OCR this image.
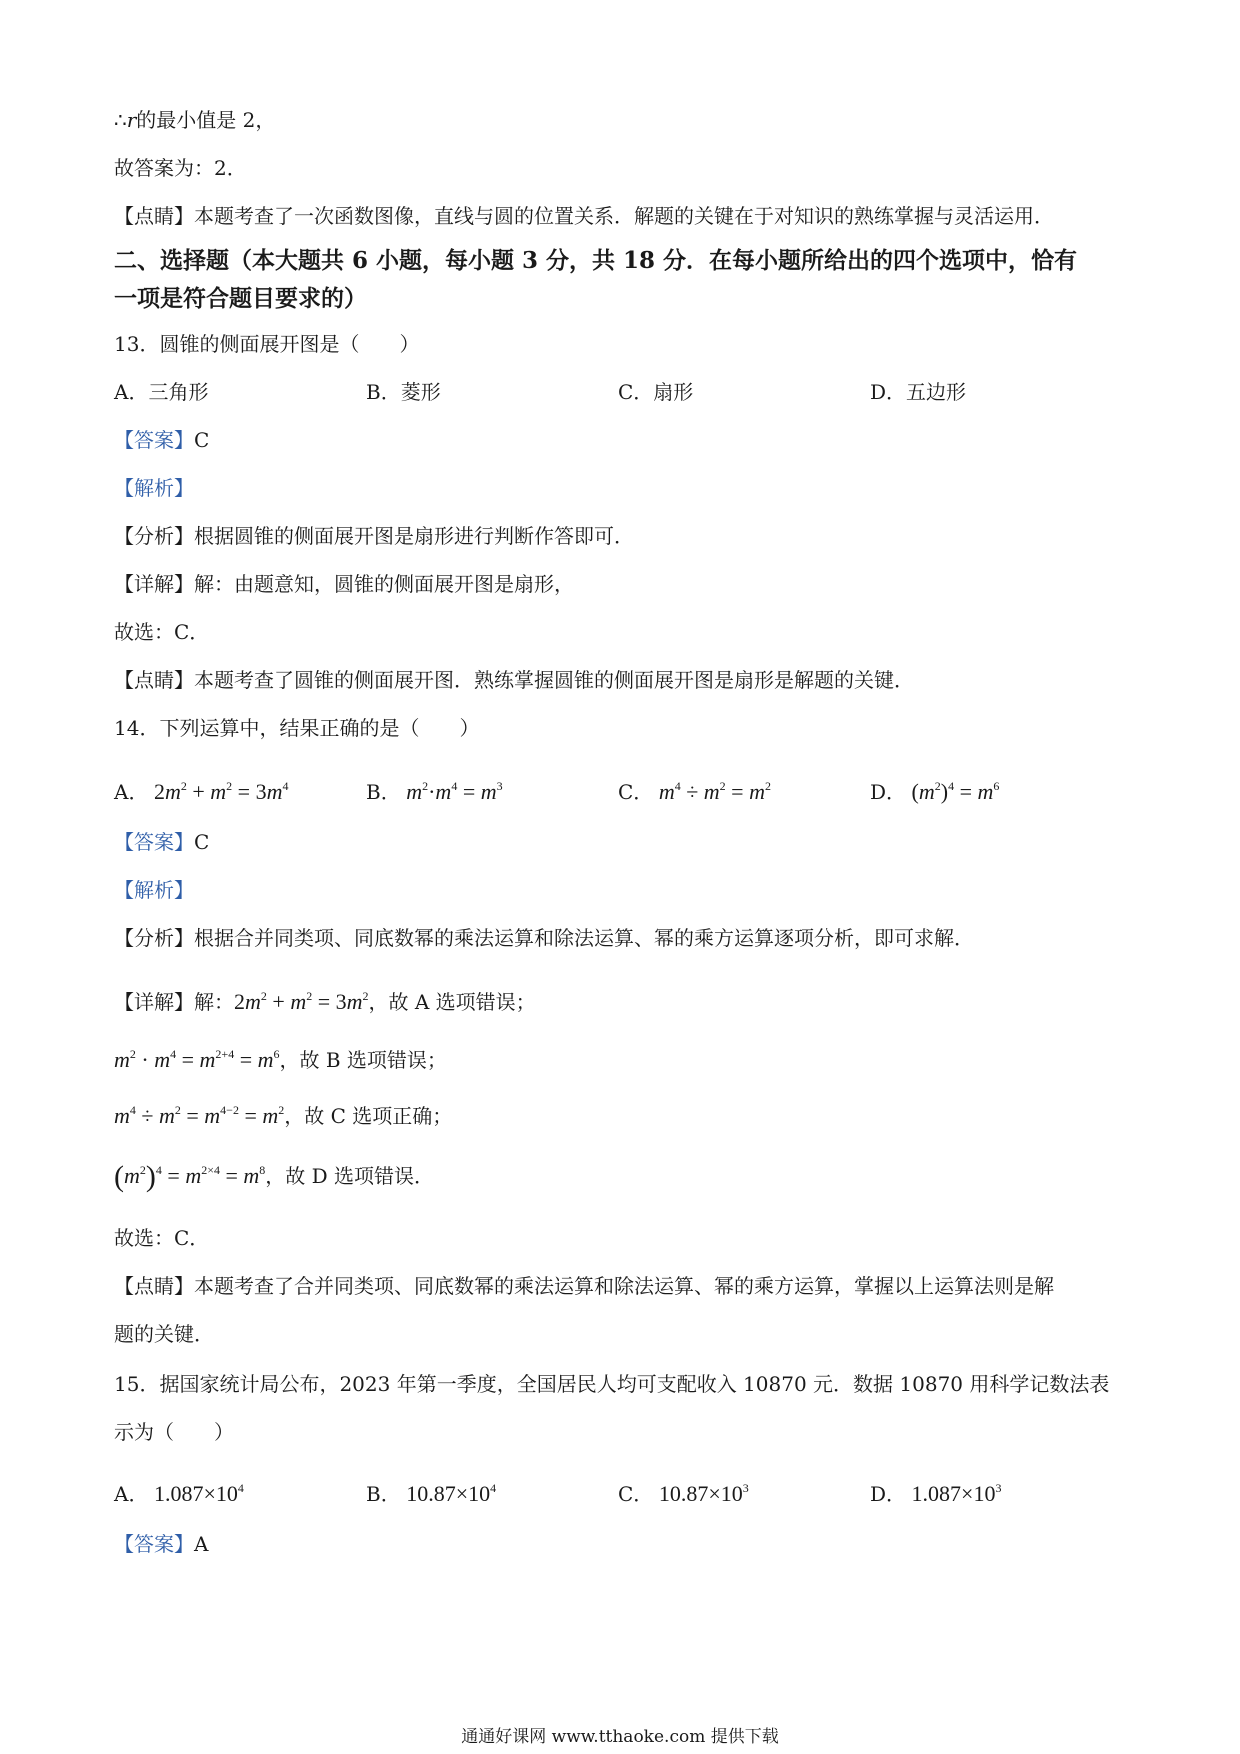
∴r的最小值是 2，
故答案为：2．
【点睛】本题考查了一次函数图像，直线与圆的位置关系．解题的关键在于对知识的熟练掌握与灵活运用．
二、选择题（本大题共 6 小题，每小题 3 分，共 18 分．在每小题所给出的四个选项中，恰有
一项是符合题目要求的）
13．圆锥的侧面展开图是（　　）
A．三角形	B．菱形	C．扇形	D．五边形
【答案】C
【解析】
【分析】根据圆锥的侧面展开图是扇形进行判断作答即可．
【详解】解：由题意知，圆锥的侧面展开图是扇形，
故选：C．
【点睛】本题考查了圆锥的侧面展开图．熟练掌握圆锥的侧面展开图是扇形是解题的关键．
14．下列运算中，结果正确的是（　　）
A． $2m^2 + m^2 = 3m^4$	B． $m^2\cdot m^4 = m^3$	C． $m^4 \div m^2 = m^2$	D． $(m^2)^4 = m^6$
【答案】C
【解析】
【分析】根据合并同类项、同底数幂的乘法运算和除法运算、幂的乘方运算逐项分析，即可求解．
【详解】解：$2m^2 + m^2 = 3m^2$，故 A 选项错误；
$m^2 \cdot m^4 = m^{2+4} = m^6$，故 B 选项错误；
$m^4 \div m^2 = m^{4-2} = m^2$，故 C 选项正确；
$(m^2)^4 = m^{2\times 4} = m^8$，故 D 选项错误．
故选：C．
【点睛】本题考查了合并同类项、同底数幂的乘法运算和除法运算、幂的乘方运算，掌握以上运算法则是解
题的关键．
15．据国家统计局公布，2023 年第一季度，全国居民人均可支配收入 10870 元．数据 10870 用科学记数法表
示为（　　）
A． $1.087\times 10^4$	B． $10.87\times 10^4$	C． $10.87\times 10^3$	D． $1.087\times 10^3$
【答案】A
通通好课网 www.tthaoke.com 提供下载
